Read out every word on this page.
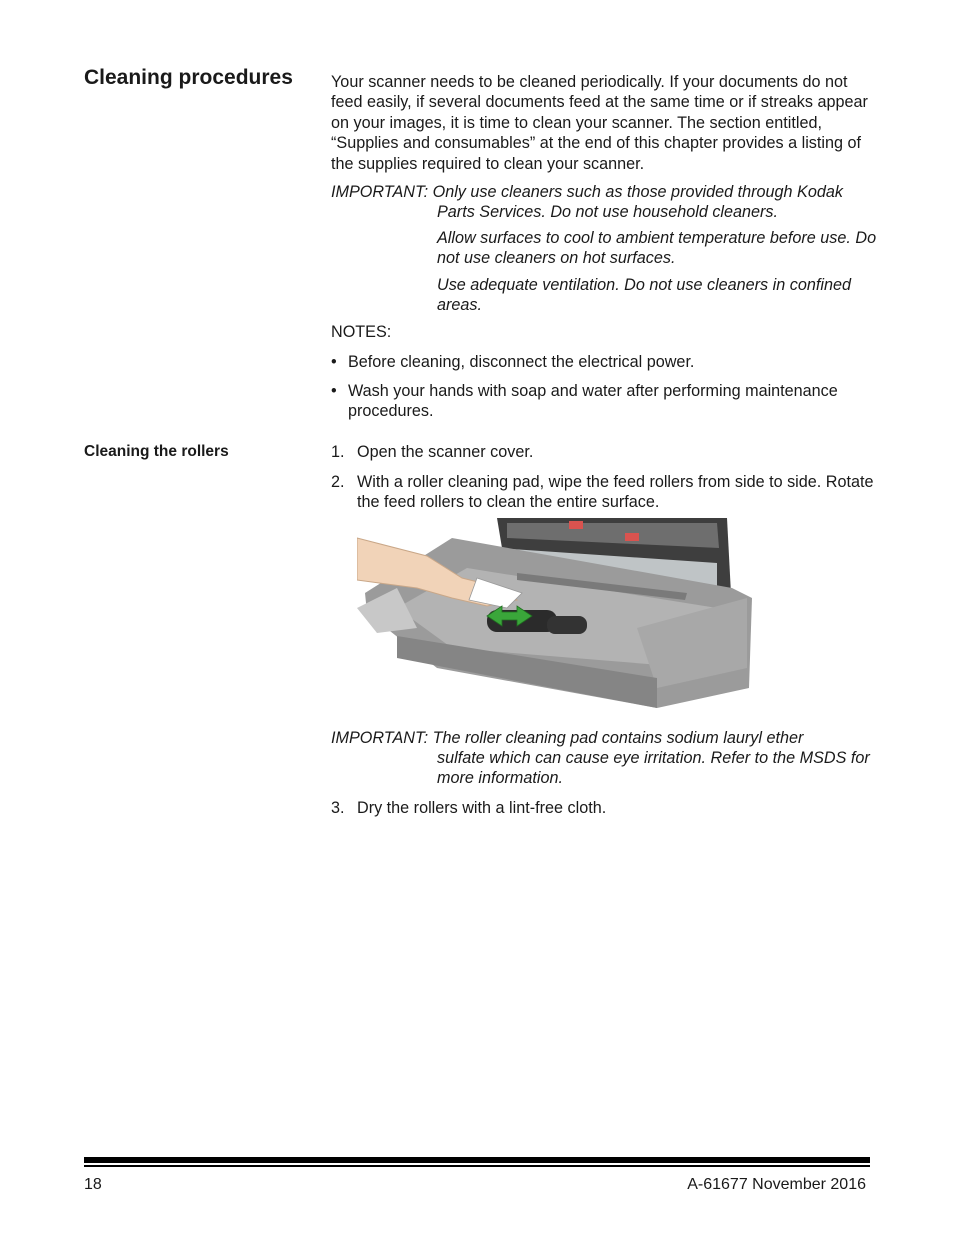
Cleaning procedures Your scanner needs to be cleaned periodically. If your documents do not feed easily, if several documents feed at the same time or if streaks appear on your images, it is time to clean your scanner. The section entitled, “Supplies and consumables” at the end of this chapter provides a listing of the supplies required to clean your scanner.
IMPORTANT: Only use cleaners such as those provided through Kodak
Parts Services. Do not use household cleaners.
Allow surfaces to cool to ambient temperature before use. Do not use cleaners on hot surfaces.
Use adequate ventilation. Do not use cleaners in confined areas.
NOTES:
• Before cleaning, disconnect the electrical power.
• Wash your hands with soap and water after performing maintenance procedures.
Cleaning the rollers	1. Open the scanner cover.
2. With a roller cleaning pad, wipe the feed rollers from side to side. Rotate the feed rollers to clean the entire surface.
IMPORTANT: The roller cleaning pad contains sodium lauryl ether
sulfate which can cause eye irritation. Refer to the MSDS for more information.
3. Dry the rollers with a lint-free cloth.
18	A-61677 November 2016
